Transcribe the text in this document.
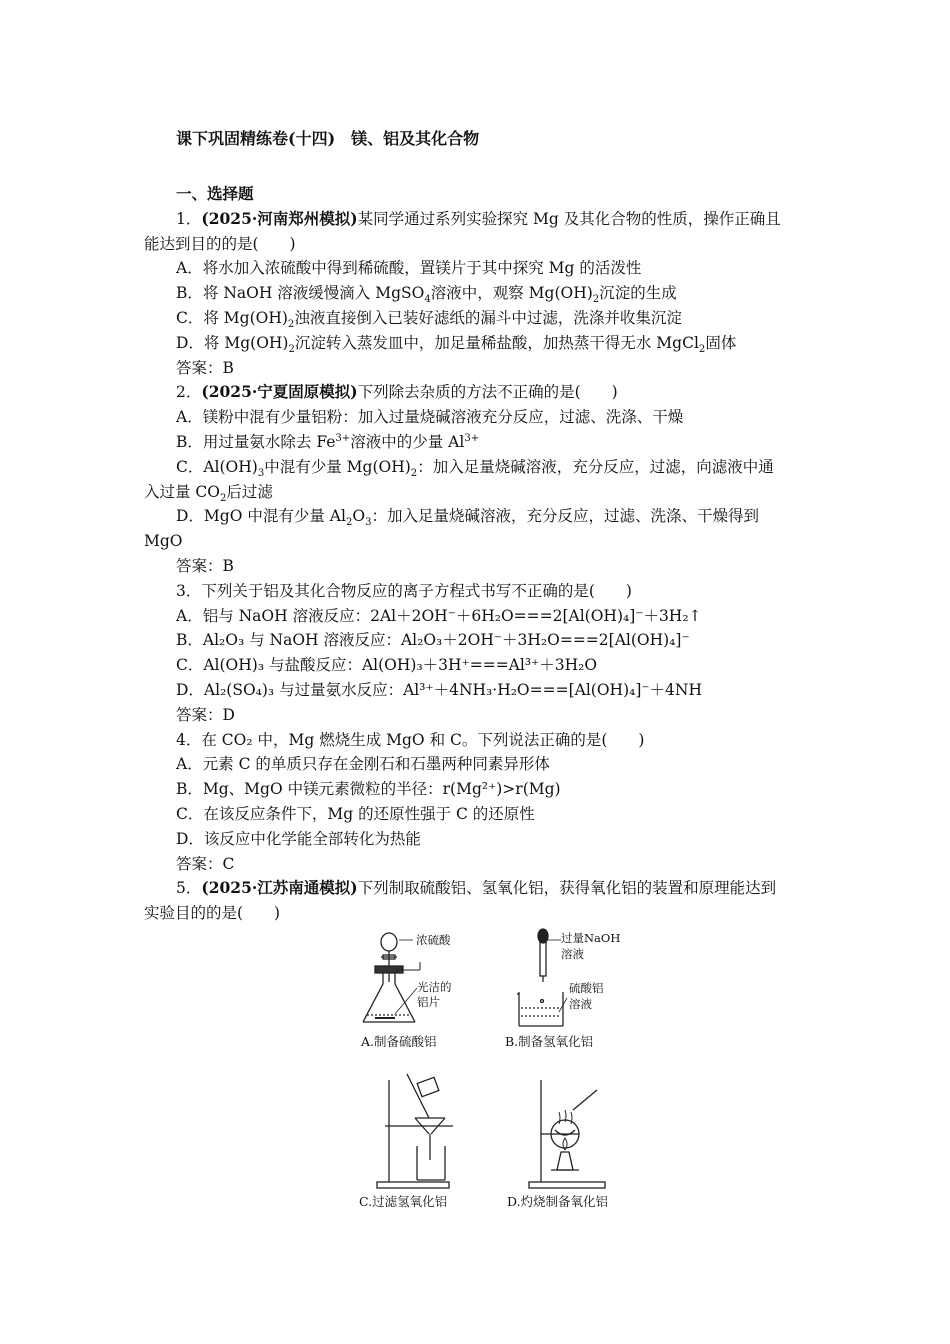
课下巩固精练卷(十四)　镁、铝及其化合物
一、选择题
1．(2025·河南郑州模拟)某同学通过系列实验探究 Mg 及其化合物的性质，操作正确且
能达到目的的是(　　)
A．将水加入浓硫酸中得到稀硫酸，置镁片于其中探究 Mg 的活泼性
B．将 NaOH 溶液缓慢滴入 MgSO$_4$溶液中，观察 $Mg(OH)_2$沉淀的生成
C．将 $Mg(OH)_2$浊液直接倒入已装好滤纸的漏斗中过滤，洗涤并收集沉淀
D．将 $Mg(OH)_2$沉淀转入蒸发皿中，加足量稀盐酸，加热蒸干得无水 MgCl$_2$固体
答案：B
2．(2025·宁夏固原模拟)下列除去杂质的方法不正确的是(　　)
A．镁粉中混有少量铝粉：加入过量烧碱溶液充分反应，过滤、洗涤、干燥
B．用过量氨水除去 $Fe^{3+}$溶液中的少量 $Al^{3+}$
C．$Al(OH)_3$中混有少量 $Mg(OH)_2$：加入足量烧碱溶液，充分反应，过滤，向滤液中通
入过量 $CO_2$后过滤
D．MgO 中混有少量 $Al_2O_3$：加入足量烧碱溶液，充分反应，过滤、洗涤、干燥得到
MgO
答案：B
3．下列关于铝及其化合物反应的离子方程式书写不正确的是(　　)
A．铝与 NaOH 溶液反应：2Al＋2OH⁻＋6H₂O===2[Al(OH)₄]⁻＋3H₂↑
B．Al₂O₃ 与 NaOH 溶液反应：Al₂O₃＋2OH⁻＋3H₂O===2[Al(OH)₄]⁻
C．Al(OH)₃ 与盐酸反应：Al(OH)₃＋3H⁺===Al³⁺＋3H₂O
D．Al₂(SO₄)₃ 与过量氨水反应：Al³⁺＋4NH₃·H₂O===[Al(OH)₄]⁻＋4NH
答案：D
4．在 CO₂ 中，Mg 燃烧生成 MgO 和 C。下列说法正确的是(　　)
A．元素 C 的单质只存在金刚石和石墨两种同素异形体
B．Mg、MgO 中镁元素微粒的半径：r(Mg²⁺)>r(Mg)
C．在该反应条件下，Mg 的还原性强于 C 的还原性
D．该反应中化学能全部转化为热能
答案：C
5．(2025·江苏南通模拟)下列制取硫酸铝、氢氧化铝，获得氧化铝的装置和原理能达到
实验目的的是(　　)
浓硫酸
光洁的
铝片
A.制备硫酸铝
过量NaOH
溶液
硫酸铝
溶液
B.制备氢氧化铝
C.过滤氢氧化铝	D.灼烧制备氧化铝
